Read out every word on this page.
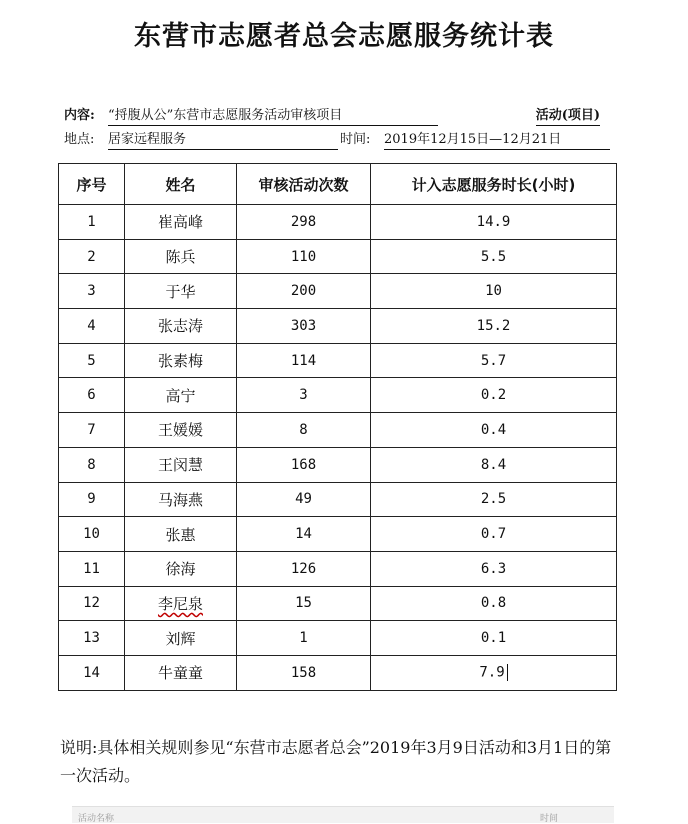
东营市志愿者总会志愿服务统计表
内容: “捋腹从公”东营市志愿服务活动审核项目	活动(项目)
地点: 居家远程服务	时间: 2019年12月15日—12月21日
序号	姓名	审核活动次数	计入志愿服务时长(小时)
1	崔高峰	298	14.9
2	陈兵	110	5.5
3	于华	200	10
4	张志涛	303	15.2
5	张素梅	114	5.7
6	高宁	3	0.2
7	王媛媛	8	0.4
8	王闵慧	168	8.4
9	马海燕	49	2.5
10	张惠	14	0.7
11	徐海	126	6.3
12	李尼泉	15	0.8
13	刘辉	1	0.1
14	牛童童	158	7.9
说明:具体相关规则参见“东营市志愿者总会”2019年3月9日活动和3月1日的第一次活动。
活动名称	时间
